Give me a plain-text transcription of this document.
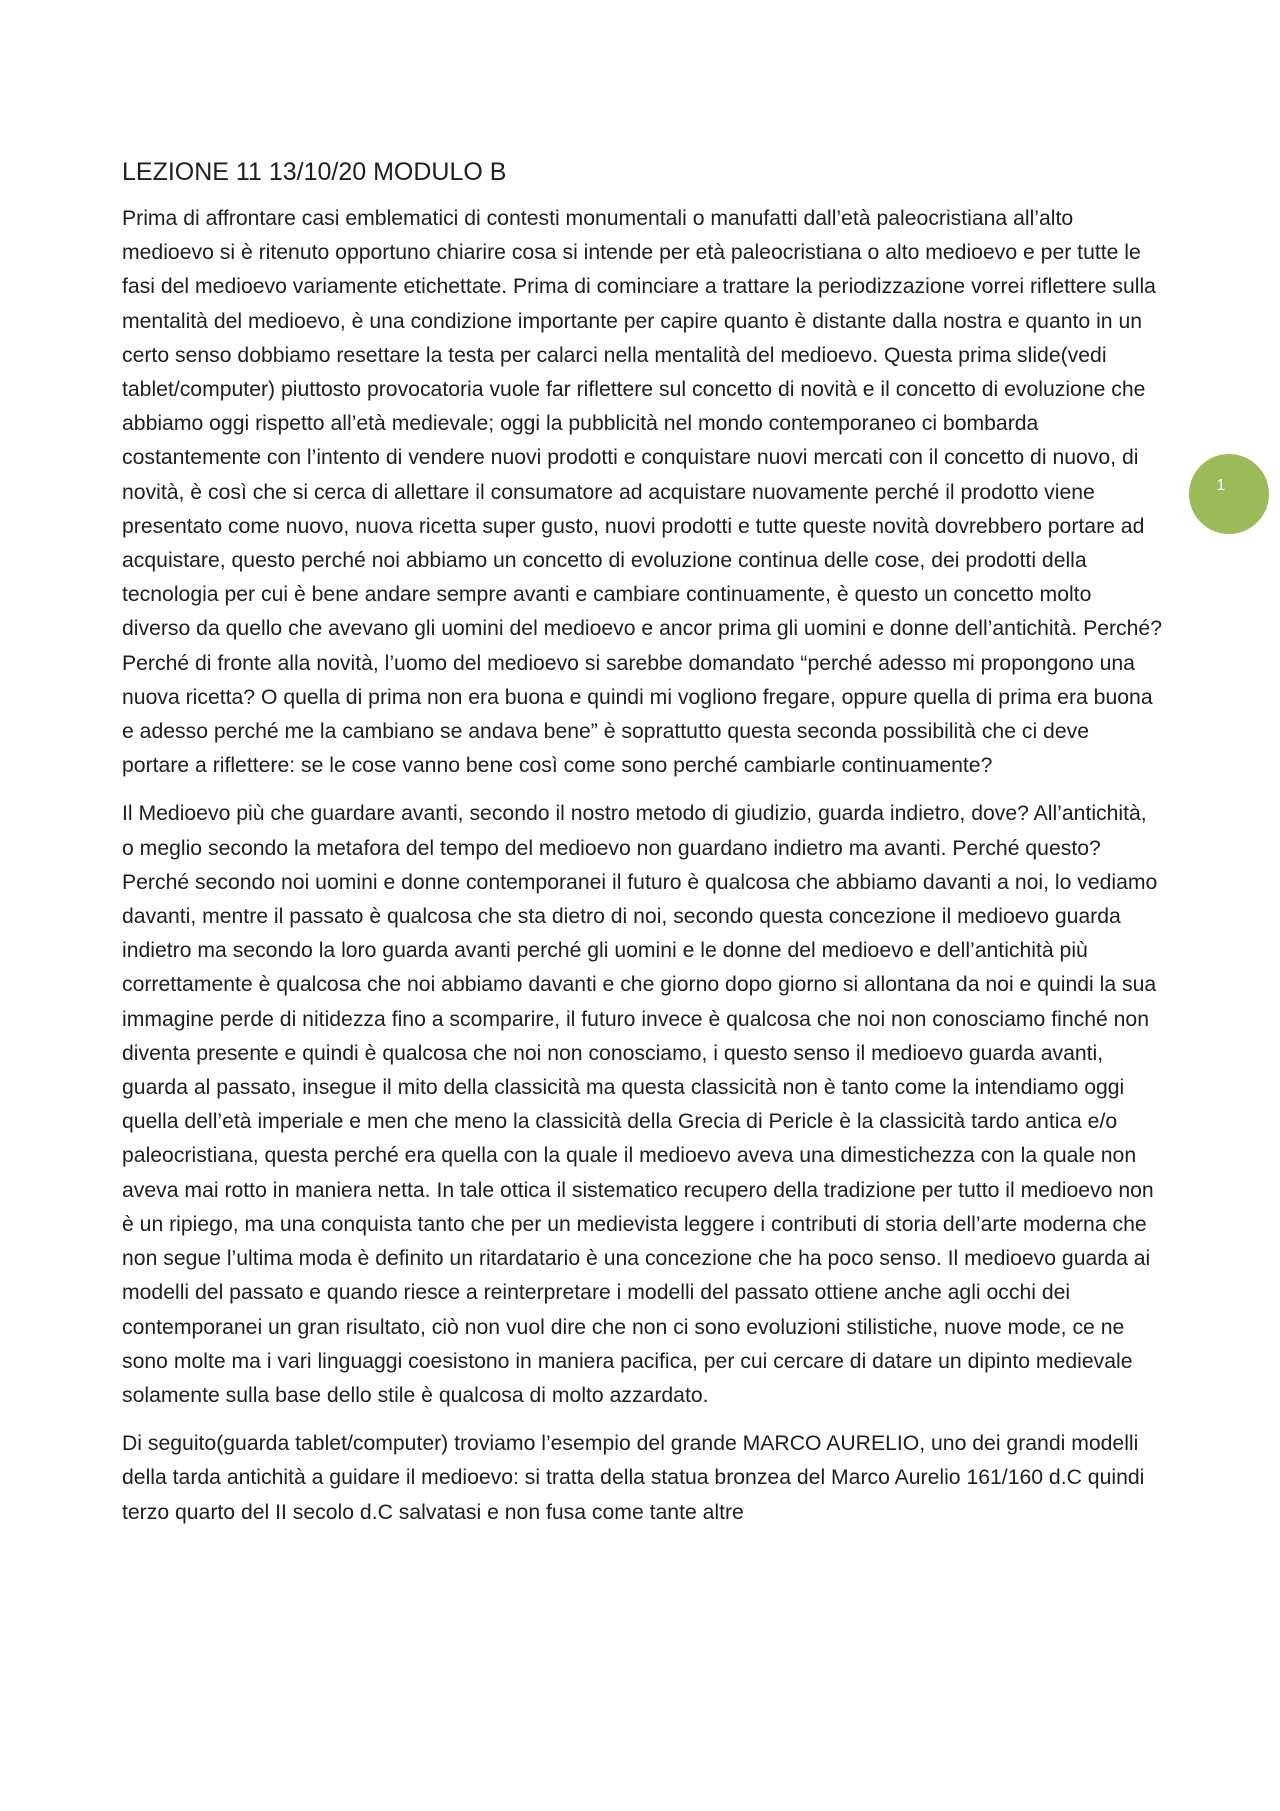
LEZIONE 11 13/10/20 MODULO B

Prima di affrontare casi emblematici di contesti monumentali o manufatti dall’età paleocristiana all’alto medioevo si è ritenuto opportuno chiarire cosa si intende per età paleocristiana o alto medioevo e per tutte le fasi del medioevo variamente etichettate. Prima di cominciare a trattare la periodizzazione vorrei riflettere sulla mentalità del medioevo, è una condizione importante per capire quanto è distante dalla nostra e quanto in un certo senso dobbiamo resettare la testa per calarci nella mentalità del medioevo. Questa prima slide(vedi tablet/computer) piuttosto provocatoria vuole far riflettere sul concetto di novità e il concetto di evoluzione che abbiamo oggi rispetto all’età medievale; oggi la pubblicità nel mondo contemporaneo ci bombarda costantemente con l’intento di vendere nuovi prodotti e conquistare nuovi mercati con il concetto di nuovo, di novità, è così che si cerca di allettare il consumatore ad acquistare nuovamente perché il prodotto viene presentato come nuovo, nuova ricetta super gusto, nuovi prodotti e tutte queste novità dovrebbero portare ad acquistare, questo perché noi abbiamo un concetto di evoluzione continua delle cose, dei prodotti della tecnologia per cui è bene andare sempre avanti e cambiare continuamente, è questo un concetto molto diverso da quello che avevano gli uomini del medioevo e ancor prima gli uomini e donne dell’antichità. Perché? Perché di fronte alla novità, l’uomo del medioevo si sarebbe domandato “perché adesso mi propongono una nuova ricetta? O quella di prima non era buona e quindi mi vogliono fregare, oppure quella di prima era buona e adesso perché me la cambiano se andava bene” è soprattutto questa seconda possibilità che ci deve portare a riflettere: se le cose vanno bene così come sono perché cambiarle continuamente?

Il Medioevo più che guardare avanti, secondo il nostro metodo di giudizio, guarda indietro, dove? All’antichità, o meglio secondo la metafora del tempo del medioevo non guardano indietro ma avanti. Perché questo? Perché secondo noi uomini e donne contemporanei il futuro è qualcosa che abbiamo davanti a noi, lo vediamo davanti, mentre il passato è qualcosa che sta dietro di noi, secondo questa concezione il medioevo guarda indietro ma secondo la loro guarda avanti perché gli uomini e le donne del medioevo e dell’antichità più correttamente è qualcosa che noi abbiamo davanti e che giorno dopo giorno si allontana da noi e quindi la sua immagine perde di nitidezza fino a scomparire, il futuro invece è qualcosa che noi non conosciamo finché non diventa presente e quindi è qualcosa che noi non conosciamo, i questo senso il medioevo guarda avanti, guarda al passato, insegue il mito della classicità ma questa classicità non è tanto come la intendiamo oggi quella dell’età imperiale e men che meno la classicità della Grecia di Pericle è la classicità tardo antica e/o paleocristiana, questa perché era quella con la quale il medioevo aveva una dimestichezza con la quale non aveva mai rotto in maniera netta. In tale ottica il sistematico recupero della tradizione per tutto il medioevo non è un ripiego, ma una conquista tanto che per un medievista leggere i contributi di storia dell’arte moderna che non segue l’ultima moda è definito un ritardatario è una concezione che ha poco senso. Il medioevo guarda ai modelli del passato e quando riesce a reinterpretare i modelli del passato ottiene anche agli occhi dei contemporanei un gran risultato, ciò non vuol dire che non ci sono evoluzioni stilistiche, nuove mode, ce ne sono molte ma i vari linguaggi coesistono in maniera pacifica, per cui cercare di datare un dipinto medievale solamente sulla base dello stile è qualcosa di molto azzardato.

Di seguito(guarda tablet/computer) troviamo l’esempio del grande MARCO AURELIO, uno dei grandi modelli della tarda antichità a guidare il medioevo: si tratta della statua bronzea del Marco Aurelio 161/160 d.C quindi terzo quarto del II secolo d.C salvatasi e non fusa come tante altre

1
